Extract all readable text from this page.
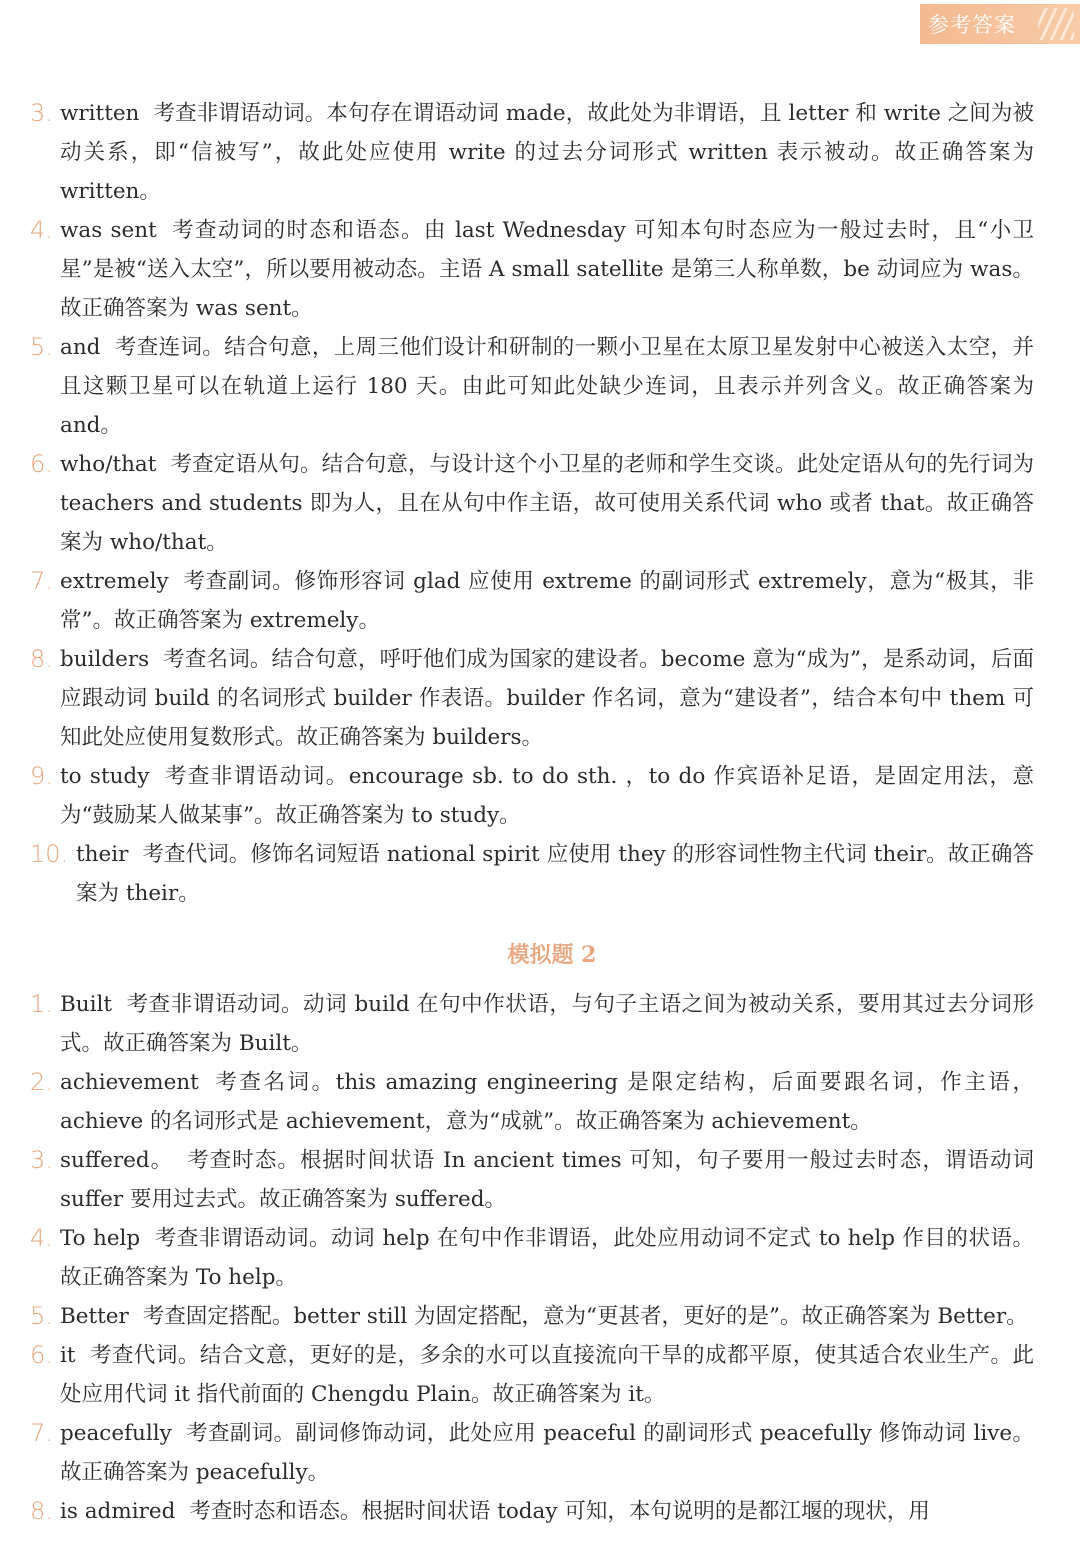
参考答案
3. written 考查非谓语动词。本句存在谓语动词 made，故此处为非谓语，且 letter 和 write 之间为被动关系，即“信被写”，故此处应使用 write 的过去分词形式 written 表示被动。故正确答案为 written。
4. was sent 考查动词的时态和语态。由 last Wednesday 可知本句时态应为一般过去时，且“小卫星”是被“送入太空”，所以要用被动态。主语 A small satellite 是第三人称单数，be 动词应为 was。 故正确答案为 was sent。
5. and 考查连词。结合句意，上周三他们设计和研制的一颗小卫星在太原卫星发射中心被送入太空，并且这颗卫星可以在轨道上运行 180 天。由此可知此处缺少连词，且表示并列含义。故正确答案为 and。
6. who/that 考查定语从句。结合句意，与设计这个小卫星的老师和学生交谈。此处定语从句的先行词为 teachers and students 即为人，且在从句中作主语，故可使用关系代词 who 或者 that。故正确答案为 who/that。
7. extremely 考查副词。修饰形容词 glad 应使用 extreme 的副词形式 extremely，意为“极其，非常”。故正确答案为 extremely。
8. builders 考查名词。结合句意，呼吁他们成为国家的建设者。become 意为“成为”，是系动词，后面应跟动词 build 的名词形式 builder 作表语。builder 作名词，意为“建设者”，结合本句中 them 可知此处应使用复数形式。故正确答案为 builders。
9. to study 考查非谓语动词。encourage sb. to do sth. ，to do 作宾语补足语，是固定用法，意为“鼓励某人做某事”。故正确答案为 to study。
10. their 考查代词。修饰名词短语 national spirit 应使用 they 的形容词性物主代词 their。故正确答案为 their。
模拟题 2
1. Built 考查非谓语动词。动词 build 在句中作状语，与句子主语之间为被动关系，要用其过去分词形式。故正确答案为 Built。
2. achievement 考查名词。this amazing engineering 是限定结构，后面要跟名词，作主语，achieve 的名词形式是 achievement，意为“成就”。故正确答案为 achievement。
3. suffered。 考查时态。根据时间状语 In ancient times 可知，句子要用一般过去时态，谓语动词 suffer 要用过去式。故正确答案为 suffered。
4. To help 考查非谓语动词。动词 help 在句中作非谓语，此处应用动词不定式 to help 作目的状语。故正确答案为 To help。
5. Better 考查固定搭配。better still 为固定搭配，意为“更甚者，更好的是”。故正确答案为 Better。
6. it 考查代词。结合文意，更好的是，多余的水可以直接流向干旱的成都平原，使其适合农业生产。此处应用代词 it 指代前面的 Chengdu Plain。故正确答案为 it。
7. peacefully 考查副词。副词修饰动词，此处应用 peaceful 的副词形式 peacefully 修饰动词 live。故正确答案为 peacefully。
8. is admired 考查时态和语态。根据时间状语 today 可知，本句说明的是都江堰的现状，用
